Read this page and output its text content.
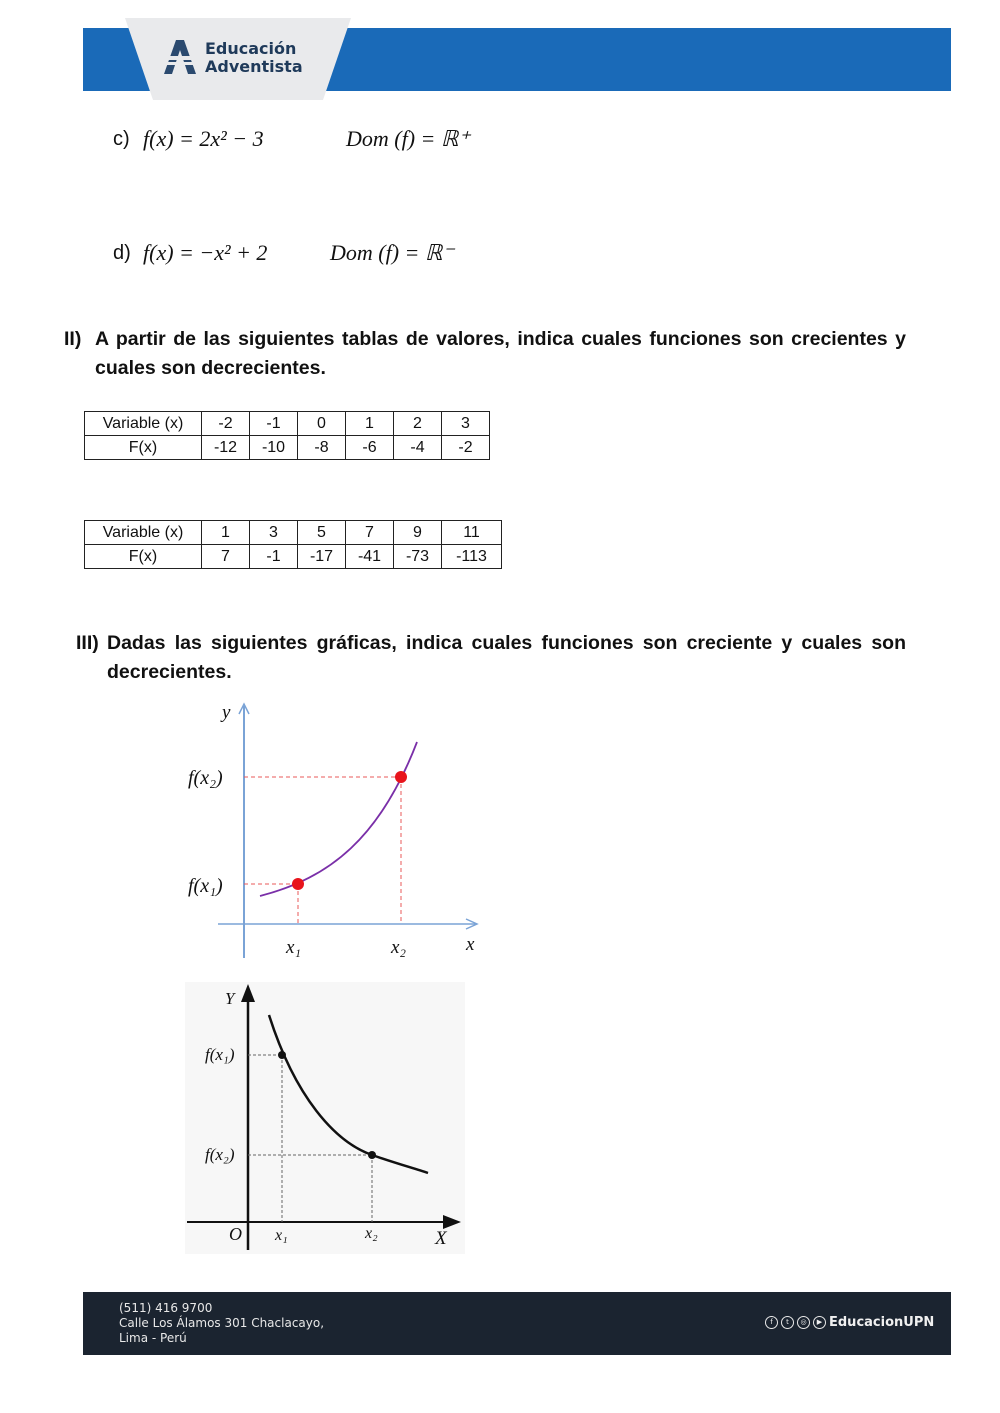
Educación
Adventista
c) f(x) = 2x² − 3	Dom (f) = ℝ⁺
d) f(x) = −x² + 2	Dom (f) = ℝ⁻
II) A partir de las siguientes tablas de valores, indica cuales funciones son crecientes y cuales son decrecientes.
Variable (x)	-2	-1	0	1	2	3
F(x)	-12	-10	-8	-6	-4	-2
Variable (x)	1	3	5	7	9	11
F(x)	7	-1	-17	-41	-73	-113
III) Dadas las siguientes gráficas, indica cuales funciones son creciente y cuales son decrecientes.
y
x
f(x₂)
f(x₁)
x₁	x₂
Y
X
O
f(x₁)
f(x₂)
x₁	x₂
(511) 416 9700
Calle Los Álamos 301 Chaclacayo,
Lima - Perú
f	t	◎	▶ EducacionUPN
